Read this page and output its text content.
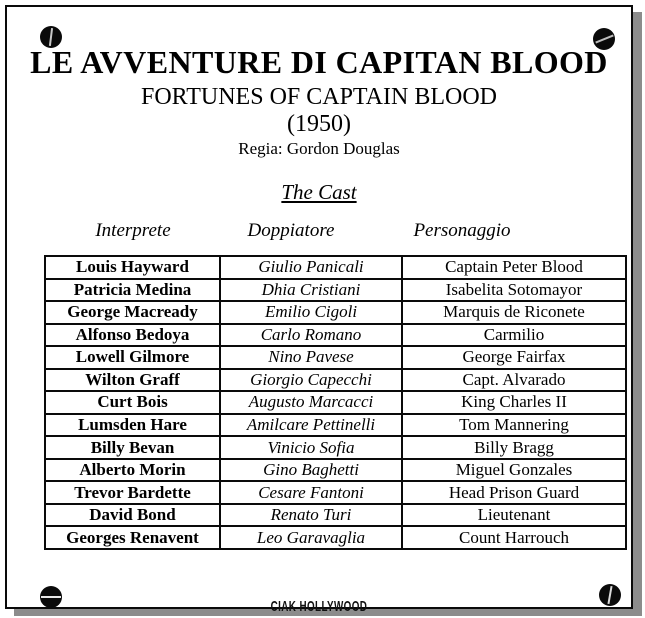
LE AVVENTURE DI CAPITAN BLOOD
FORTUNES OF CAPTAIN BLOOD
(1950)
Regia: Gordon Douglas
The Cast
Interprete	Doppiatore	Personaggio
Louis Hayward	Giulio Panicali	Captain Peter Blood
Patricia Medina	Dhia Cristiani	Isabelita Sotomayor
George Macready	Emilio Cigoli	Marquis de Riconete
Alfonso Bedoya	Carlo Romano	Carmilio
Lowell Gilmore	Nino Pavese	George Fairfax
Wilton Graff	Giorgio Capecchi	Capt. Alvarado
Curt Bois	Augusto Marcacci	King Charles II
Lumsden Hare	Amilcare Pettinelli	Tom Mannering
Billy Bevan	Vinicio Sofia	Billy Bragg
Alberto Morin	Gino Baghetti	Miguel Gonzales
Trevor Bardette	Cesare Fantoni	Head Prison Guard
David Bond	Renato Turi	Lieutenant
Georges Renavent	Leo Garavaglia	Count Harrouch
CIAK HOLLYWOOD
